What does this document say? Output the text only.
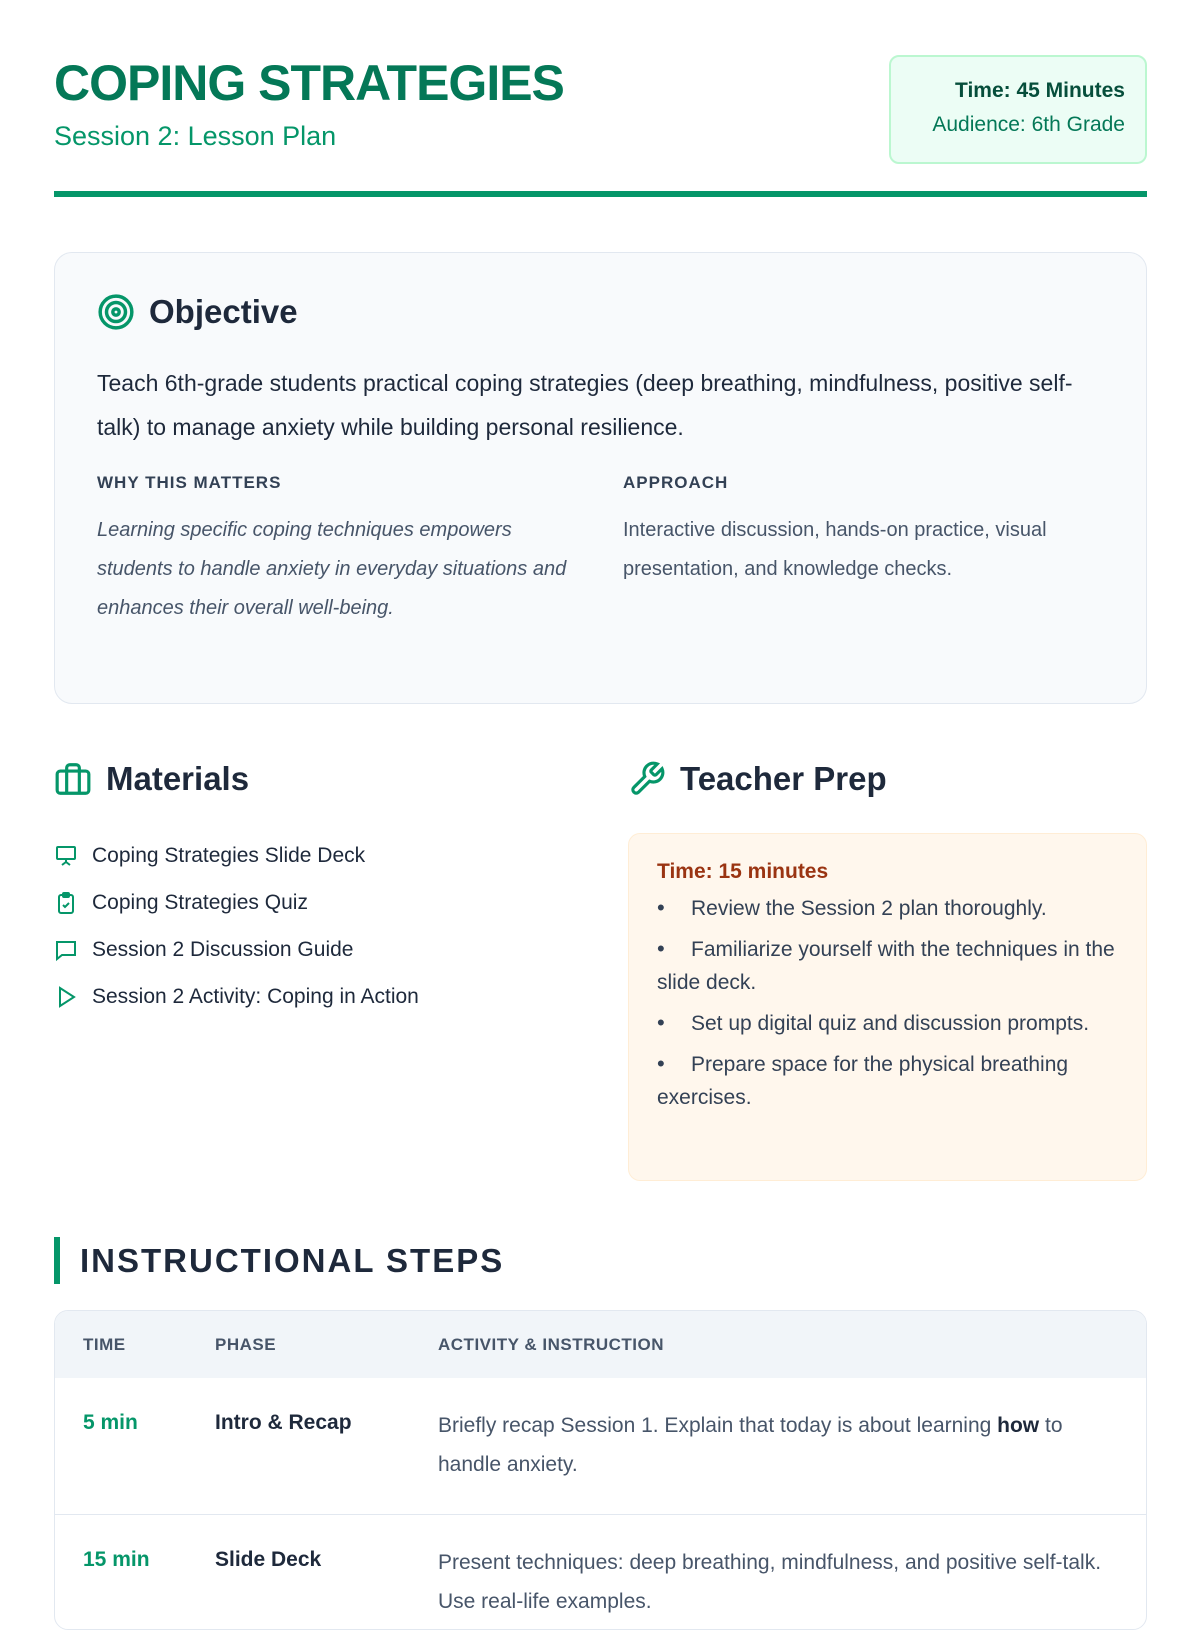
COPING STRATEGIES
Session 2: Lesson Plan
Time: 45 Minutes
Audience: 6th Grade
Objective
Teach 6th-grade students practical coping strategies (deep breathing, mindfulness, positive self-talk) to manage anxiety while building personal resilience.
WHY THIS MATTERS
Learning specific coping techniques empowers students to handle anxiety in everyday situations and enhances their overall well-being.
APPROACH
Interactive discussion, hands-on practice, visual presentation, and knowledge checks.
Materials
Coping Strategies Slide Deck
Coping Strategies Quiz
Session 2 Discussion Guide
Session 2 Activity: Coping in Action
Teacher Prep
Time: 15 minutes
• Review the Session 2 plan thoroughly.
• Familiarize yourself with the techniques in the slide deck.
• Set up digital quiz and discussion prompts.
• Prepare space for the physical breathing exercises.
INSTRUCTIONAL STEPS
TIME	PHASE	ACTIVITY & INSTRUCTION
5 min	Intro & Recap	Briefly recap Session 1. Explain that today is about learning how to handle anxiety.
15 min	Slide Deck	Present techniques: deep breathing, mindfulness, and positive self-talk. Use real-life examples.
